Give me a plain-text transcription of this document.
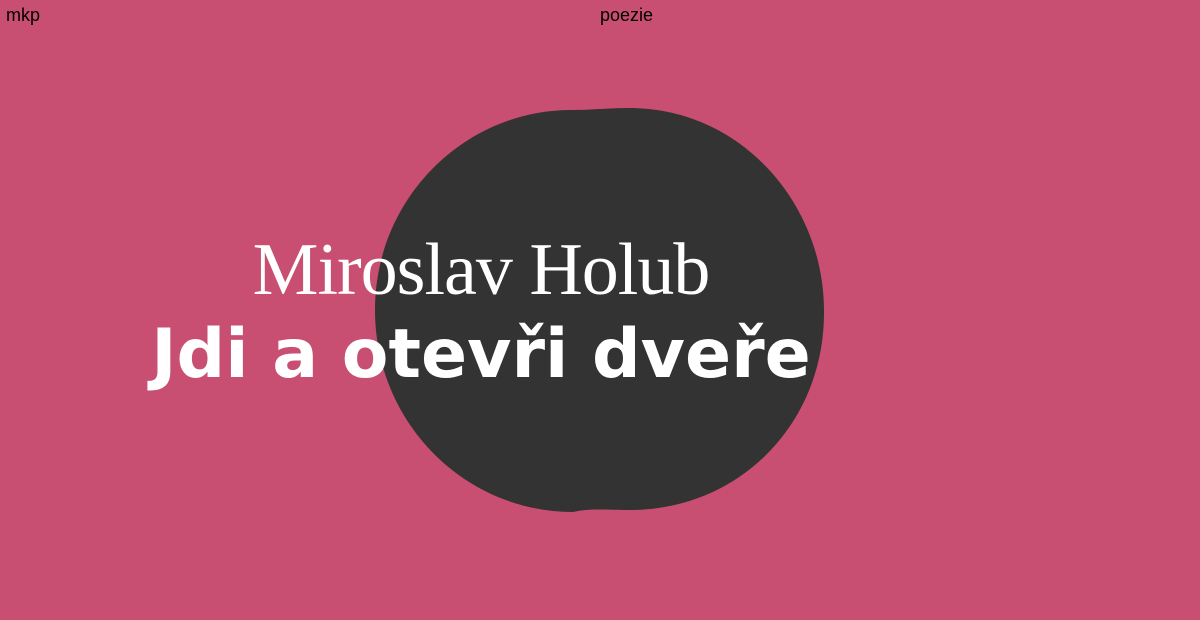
mkp	poezie
Miroslav Holub
Jdi a otevři dveře
